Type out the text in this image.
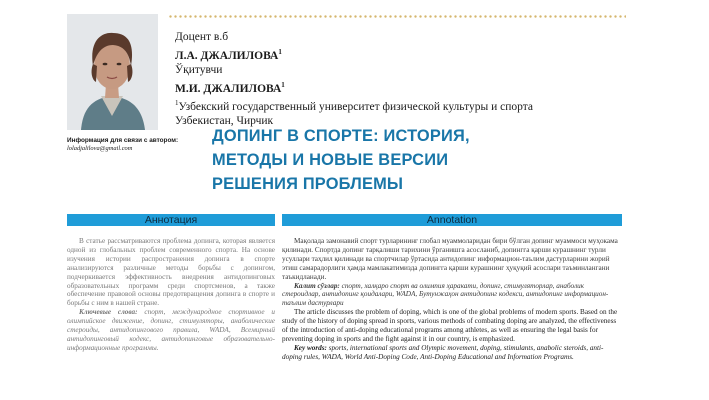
Доцент в.б
Л.А. ДЖАЛИЛОВА$^1$
Ўқитувчи
М.И. ДЖАЛИЛОВА$^1$
$^1$Узбекский государственный университет физической культуры и спорта
Узбекистан, Чирчик
Информация для связи с автором:
loladjalilova@gmail.com
ДОПИНГ В СПОРТЕ: ИСТОРИЯ,
МЕТОДЫ И НОВЫЕ ВЕРСИИ
РЕШЕНИЯ ПРОБЛЕМЫ
Аннотация	Annotation

В статье рассматриваются проблема допинга, которая является одной из глобальных проблем современного спорта. На основе изучения истории распространения допинга в спорте анализируются различные методы борьбы с допингом, подчеркивается эффективность внедрения антидопинговых образовательных программ среди спортсменов, а также обеспечение правовой основы предотвращения допинга в спорте и борьбы с ним в нашей стране.

Ключевые слова: спорт, международное спортивное и олимпийское движение, допинг, стимуляторы, анаболические стероиды, антидопингового правила, WADA, Всемирный антидопинговый кодекс, антидопинговые образовательно-информационные программы.

Мақолада замонавий спорт турларининг глобал муаммоларидан бири бўлган допинг муаммоси муҳокама қилинади. Спортда допинг тарқалиши тарихини ўрганишга асосланиб, допингга қарши курашнинг турли усуллари таҳлил қилинади ва спортчилар ўртасида антидопинг информацион-таълим дастурларини жорий этиш самарадорлиги ҳамда мамлакатимизда допингга қарши курашнинг ҳуқуқий асослари таъминлангани таъкидланади.

Калит сўзлар: спорт, халқаро спорт ва олимпия ҳаракати, допинг, стимуляторлар, анаболик стероидлар, антидопинг қоидалари, WADA, Бутунжаҳон антидопинг кодекси, антидопинг информацион-таълим дастурлари

The article discusses the problem of doping, which is one of the global problems of modern sports. Based on the study of the history of doping spread in sports, various methods of combating doping are analyzed, the effectiveness of the introduction of anti-doping educational programs among athletes, as well as ensuring the legal basis for preventing doping in sports and the fight against it in our country, is emphasized.

Key words: sports, international sports and Olympic movement, doping, stimulants, anabolic steroids, anti-doping rules, WADA, World Anti-Doping Code, Anti-Doping Educational and Information Programs.
